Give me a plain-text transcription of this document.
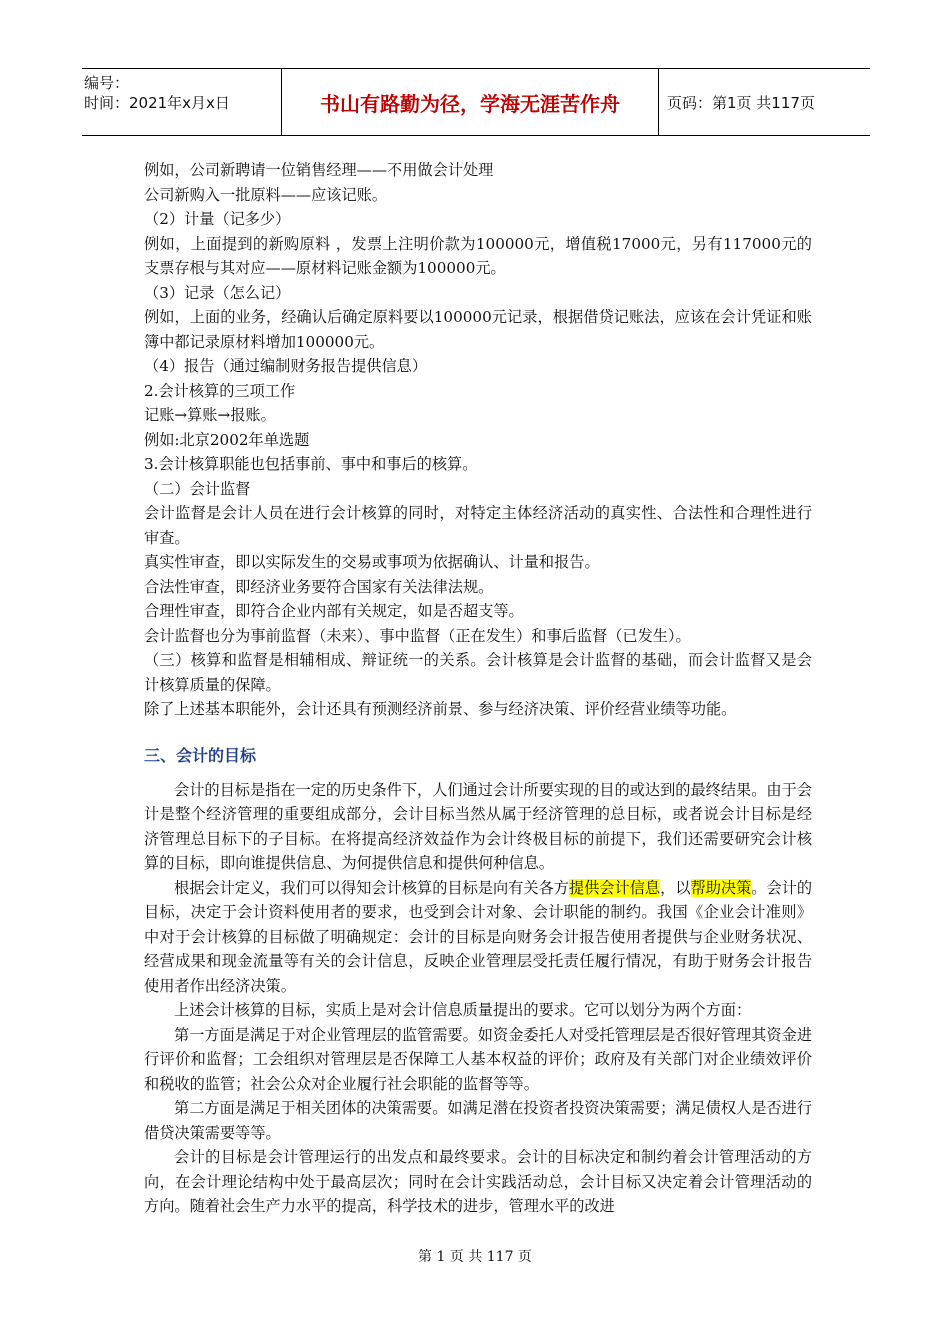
编号：
时间：2021年x月x日	书山有路勤为径，学海无涯苦作舟	页码：第1页 共117页

例如，公司新聘请一位销售经理——不用做会计处理

公司新购入一批原料——应该记账。

（2）计量（记多少）

例如，上面提到的新购原料 ，发票上注明价款为100000元，增值税17000元，另有117000元的支票存根与其对应——原材料记账金额为100000元。

（3）记录（怎么记）

例如，上面的业务，经确认后确定原料要以100000元记录，根据借贷记账法，应该在会计凭证和账簿中都记录原材料增加100000元。

（4）报告（通过编制财务报告提供信息）

2.会计核算的三项工作

记账→算账→报账。

例如:北京2002年单选题

3.会计核算职能也包括事前、事中和事后的核算。

（二）会计监督

会计监督是会计人员在进行会计核算的同时，对特定主体经济活动的真实性、合法性和合理性进行审查。

真实性审查，即以实际发生的交易或事项为依据确认、计量和报告。

合法性审查，即经济业务要符合国家有关法律法规。

合理性审查，即符合企业内部有关规定，如是否超支等。

会计监督也分为事前监督（未来）、事中监督（正在发生）和事后监督（已发生）。

（三）核算和监督是相辅相成、辩证统一的关系。会计核算是会计监督的基础，而会计监督又是会计核算质量的保障。

除了上述基本职能外，会计还具有预测经济前景、参与经济决策、评价经营业绩等功能。

三、会计的目标

会计的目标是指在一定的历史条件下，人们通过会计所要实现的目的或达到的最终结果。由于会计是整个经济管理的重要组成部分，会计目标当然从属于经济管理的总目标，或者说会计目标是经济管理总目标下的子目标。在将提高经济效益作为会计终极目标的前提下，我们还需要研究会计核算的目标，即向谁提供信息、为何提供信息和提供何种信息。

根据会计定义，我们可以得知会计核算的目标是向有关各方提供会计信息，以帮助决策。会计的目标，决定于会计资料使用者的要求，也受到会计对象、会计职能的制约。我国《企业会计准则》中对于会计核算的目标做了明确规定：会计的目标是向财务会计报告使用者提供与企业财务状况、经营成果和现金流量等有关的会计信息，反映企业管理层受托责任履行情况，有助于财务会计报告使用者作出经济决策。

上述会计核算的目标，实质上是对会计信息质量提出的要求。它可以划分为两个方面：

第一方面是满足于对企业管理层的监管需要。如资金委托人对受托管理层是否很好管理其资金进行评价和监督；工会组织对管理层是否保障工人基本权益的评价；政府及有关部门对企业绩效评价和税收的监管；社会公众对企业履行社会职能的监督等等。

第二方面是满足于相关团体的决策需要。如满足潜在投资者投资决策需要；满足债权人是否进行借贷决策需要等等。

会计的目标是会计管理运行的出发点和最终要求。会计的目标决定和制约着会计管理活动的方向，在会计理论结构中处于最高层次；同时在会计实践活动总，会计目标又决定着会计管理活动的方向。随着社会生产力水平的提高，科学技术的进步，管理水平的改进

第 1 页 共 117 页
